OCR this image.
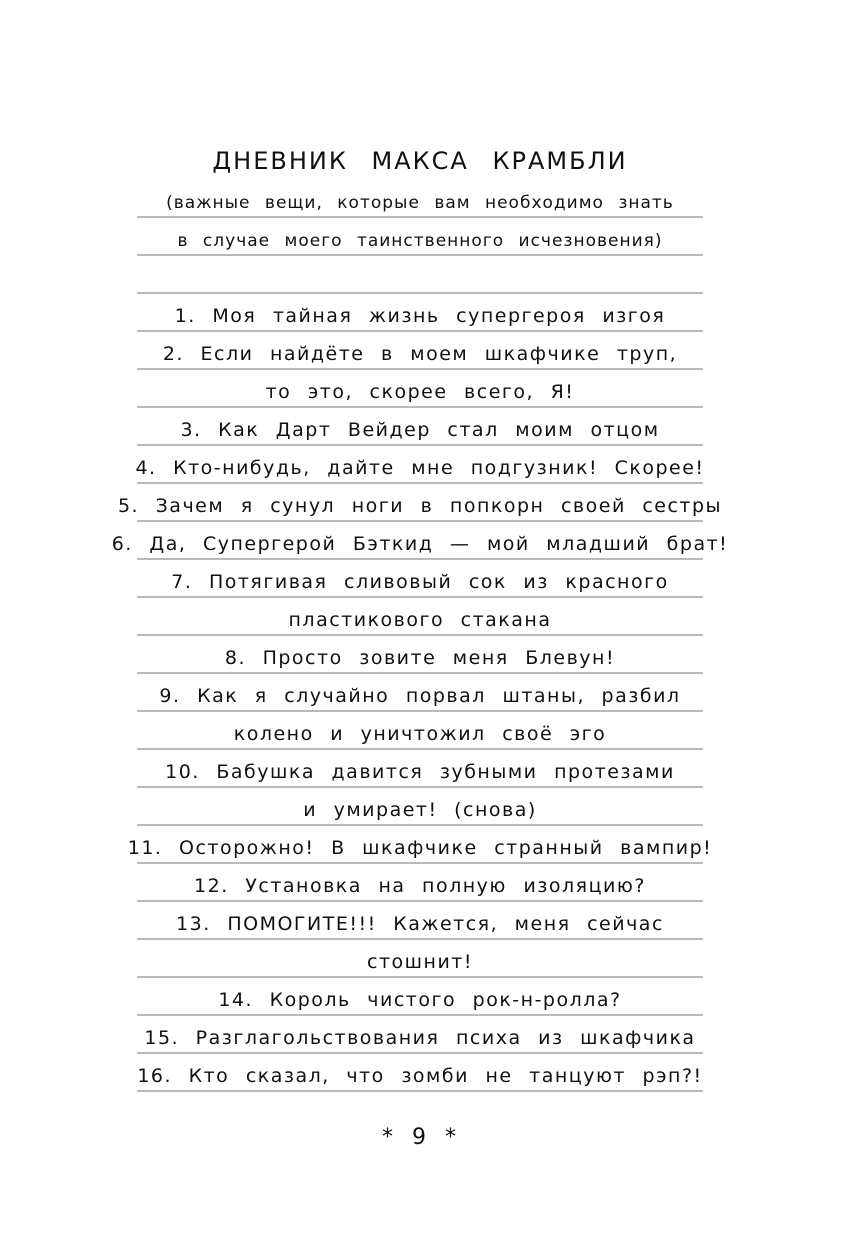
ДНЕВНИК МАКСА КРАМБЛИ
(важные вещи, которые вам необходимо знать
в случае моего таинственного исчезновения)
1. Моя тайная жизнь супергероя изгоя
2. Если найдёте в моем шкафчике труп,
то это, скорее всего, Я!
3. Как Дарт Вейдер стал моим отцом
4. Кто-нибудь, дайте мне подгузник! Скорее!
5. Зачем я сунул ноги в попкорн своей сестры
6. Да, Супергерой Бэткид — мой младший брат!
7. Потягивая сливовый сок из красного
пластикового стакана
8. Просто зовите меня Блевун!
9. Как я случайно порвал штаны, разбил
колено и уничтожил своё эго
10. Бабушка давится зубными протезами
и умирает! (снова)
11. Осторожно! В шкафчике странный вампир!
12. Установка на полную изоляцию?
13. ПОМОГИТЕ!!! Кажется, меня сейчас
стошнит!
14. Король чистого рок-н-ролла?
15. Разглагольствования психа из шкафчика
16. Кто сказал, что зомби не танцуют рэп?!
* 9 *
